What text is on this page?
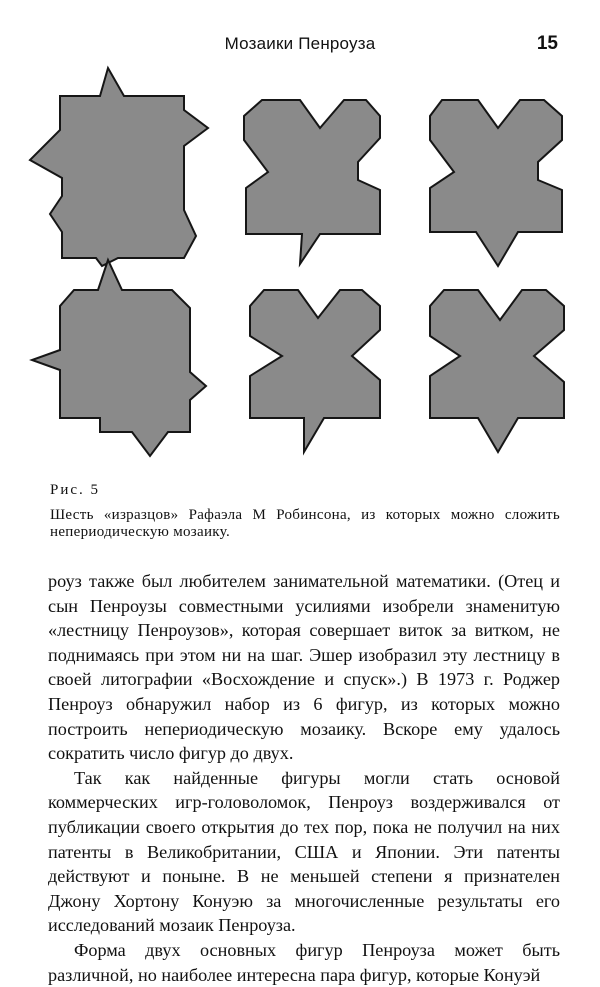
Мозаики Пенроуза	15
Рис. 5
Шесть «изразцов» Рафаэла М Робинсона, из которых можно сложить непериодическую мозаику.

роуз также был любителем занимательной математики. (Отец и сын Пенроузы совместными усилиями изобрели знаменитую «лестницу Пенроузов», которая совершает виток за витком, не поднимаясь при этом ни на шаг. Эшер изобразил эту лестницу в своей литографии «Восхождение и спуск».) В 1973 г. Роджер Пенроуз обнаружил набор из 6 фигур, из которых можно построить непериодическую мозаику. Вскоре ему удалось сократить число фигур до двух.

Так как найденные фигуры могли стать основой коммерческих игр-головоломок, Пенроуз воздерживался от публикации своего открытия до тех пор, пока не получил на них патенты в Великобритании, США и Японии. Эти патенты действуют и поныне. В не меньшей степени я признателен Джону Хортону Конуэю за многочисленные результаты его исследований мозаик Пенроуза.

Форма двух основных фигур Пенроуза может быть различной, но наиболее интересна пара фигур, которые Конуэй
